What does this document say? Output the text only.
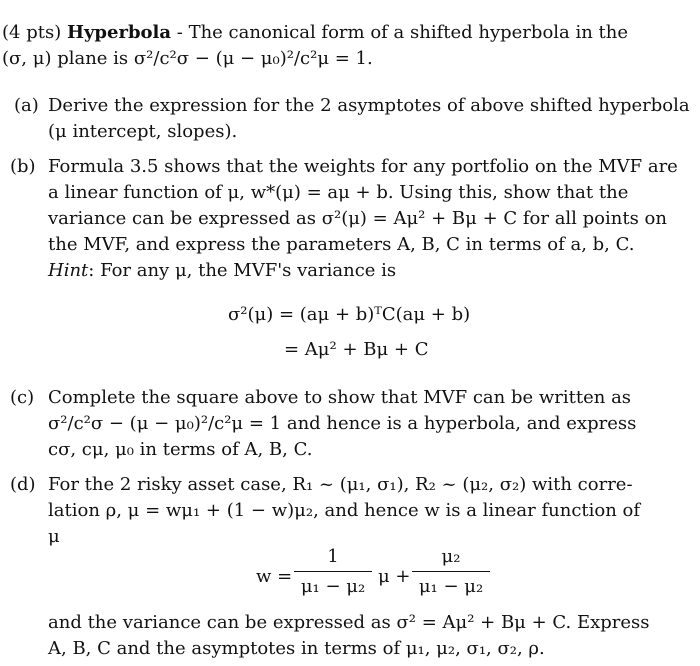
(4 pts) Hyperbola - The canonical form of a shifted hyperbola in the
(σ, μ) plane is σ²/c²σ − (μ − μ₀)²/c²μ = 1.
(a) Derive the expression for the 2 asymptotes of above shifted hyperbola
(μ intercept, slopes).
(b) Formula 3.5 shows that the weights for any portfolio on the MVF are
a linear function of μ, w*(μ) = aμ + b. Using this, show that the
variance can be expressed as σ²(μ) = Aμ² + Bμ + C for all points on
the MVF, and express the parameters A, B, C in terms of a, b, C.
Hint: For any μ, the MVF's variance is
σ²(μ) = (aμ + b)ᵀC(aμ + b)
= Aμ² + Bμ + C
(c) Complete the square above to show that MVF can be written as
σ²/c²σ − (μ − μ₀)²/c²μ = 1 and hence is a hyperbola, and express
cσ, cμ, μ₀ in terms of A, B, C.
(d) For the 2 risky asset case, R₁ ~ (μ₁, σ₁), R₂ ~ (μ₂, σ₂) with corre-
lation ρ, μ = wμ₁ + (1 − w)μ₂, and hence w is a linear function of
μ
w =
1
μ₁ − μ₂ μ +
μ₂
μ₁ − μ₂
and the variance can be expressed as σ² = Aμ² + Bμ + C. Express
A, B, C and the asymptotes in terms of μ₁, μ₂, σ₁, σ₂, ρ.
